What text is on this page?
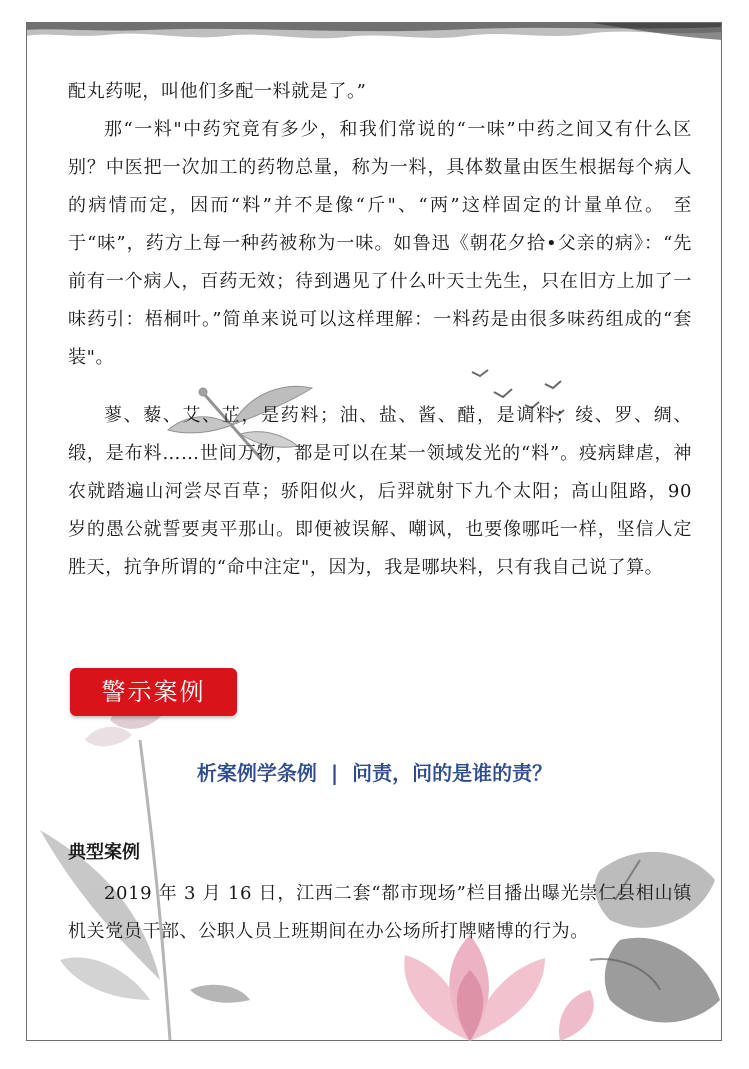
配丸药呢，叫他们多配一料就是了。”

那“一料"中药究竟有多少，和我们常说的“一味”中药之间又有什么区别？中医把一次加工的药物总量，称为一料，具体数量由医生根据每个病人的病情而定，因而“料”并不是像“斤"、“两”这样固定的计量单位。 至于“味”，药方上每一种药被称为一味。如鲁迅《朝花夕拾•父亲的病》：“先前有一个病人，百药无效；待到遇见了什么叶天士先生，只在旧方上加了一味药引：梧桐叶。”简单来说可以这样理解：一料药是由很多味药组成的“套装"。

蓼、藜、艾、芷，是药料；油、盐、酱、醋，是调料；绫、罗、绸、缎，是布料……世间万物，都是可以在某一领域发光的“料”。疫病肆虐，神农就踏遍山河尝尽百草；骄阳似火，后羿就射下九个太阳；高山阻路，90 岁的愚公就誓要夷平那山。即便被误解、嘲讽，也要像哪吒一样，坚信人定胜天，抗争所谓的“命中注定"，因为，我是哪块料，只有我自己说了算。

警示案例
析案例学条例 | 问责，问的是谁的责？

典型案例

2019 年 3 月 16 日，江西二套“都市现场”栏目播出曝光崇仁县相山镇机关党员干部、公职人员上班期间在办公场所打牌赌博的行为。
